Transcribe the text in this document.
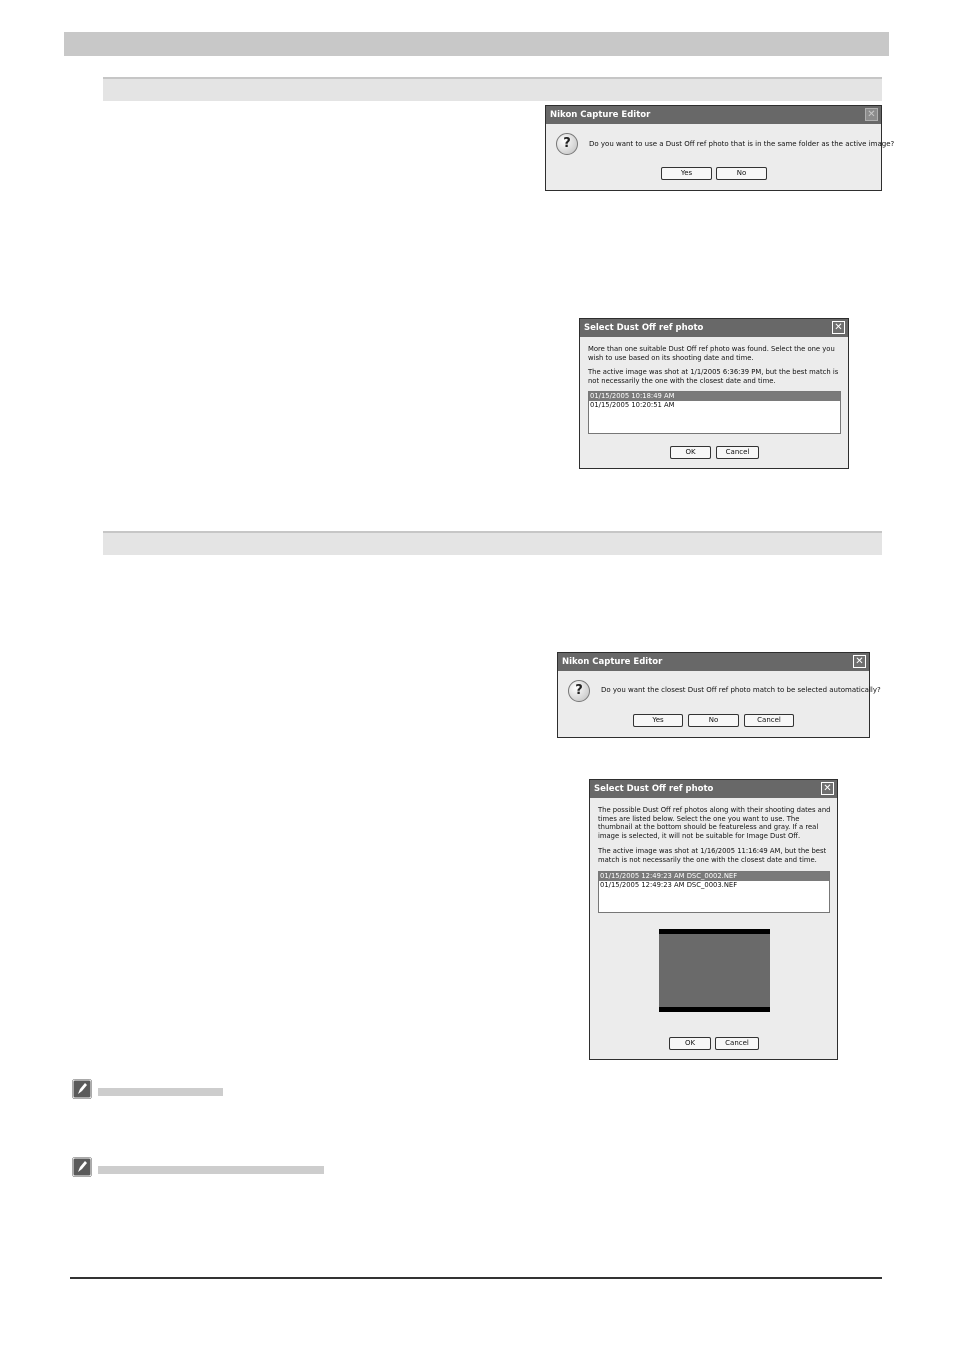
Nikon Capture Editor	✕
?	Do you want to use a Dust Off ref photo that is in the same folder as the active image?
Yes	No
Select Dust Off ref photo	✕
More than one suitable Dust Off ref photo was found. Select the one you wish to use based on its shooting date and time.
The active image was shot at 1/1/2005 6:36:39 PM, but the best match is not necessarily the one with the closest date and time.
01/15/2005 10:18:49 AM
01/15/2005 10:20:51 AM
OK	Cancel
Nikon Capture Editor	✕
?	Do you want the closest Dust Off ref photo match to be selected automatically?
Yes	No	Cancel
Select Dust Off ref photo	✕
The possible Dust Off ref photos along with their shooting dates and times are listed below. Select the one you want to use. The thumbnail at the bottom should be featureless and gray. If a real image is selected, it will not be suitable for Image Dust Off.
The active image was shot at 1/16/2005 11:16:49 AM, but the best match is not necessarily the one with the closest date and time.
01/15/2005 12:49:23 AM DSC_0002.NEF
01/15/2005 12:49:23 AM DSC_0003.NEF
OK	Cancel
